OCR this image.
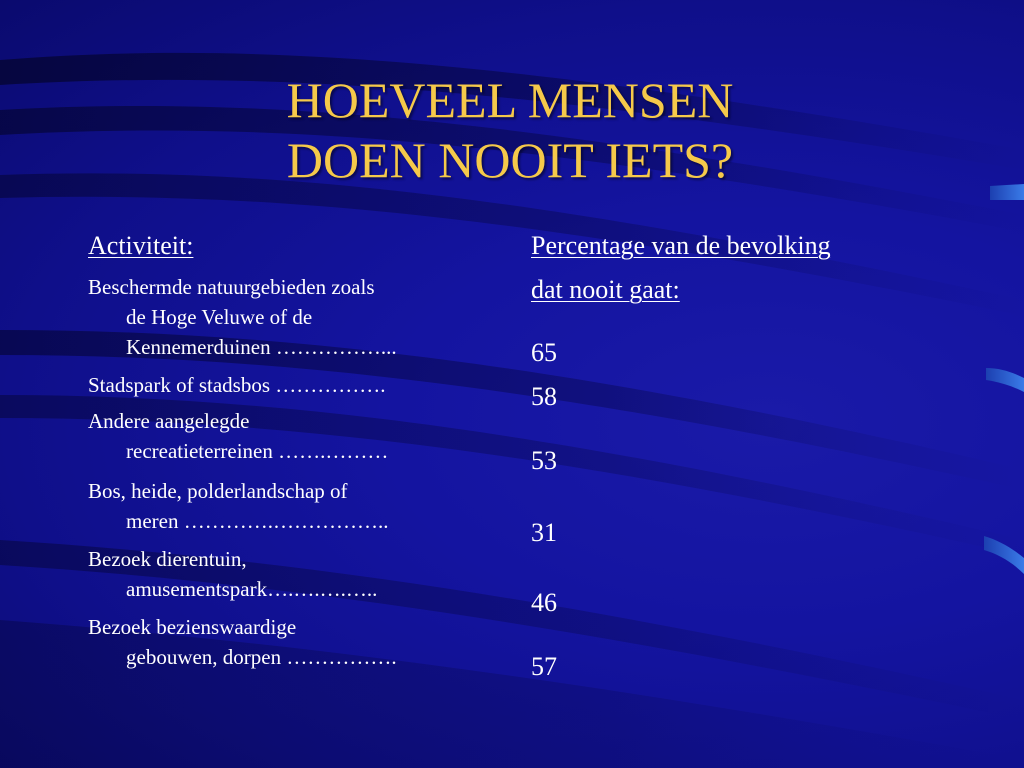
HOEVEEL MENSEN
DOEN NOOIT IETS?
Activiteit:	Percentage van de bevolking
dat nooit gaat:
Beschermde natuurgebieden zoals
de Hoge Veluwe of de
Kennemerduinen ……………...
Stadspark of stadsbos …………….
Andere aangelegde
recreatieterreinen …….………
Bos, heide, polderlandschap of
meren ………….……………..
Bezoek dierentuin,
amusementspark….….….…..
Bezoek bezienswaardige
gebouwen, dorpen …………….
65
58
53
31
46
57
